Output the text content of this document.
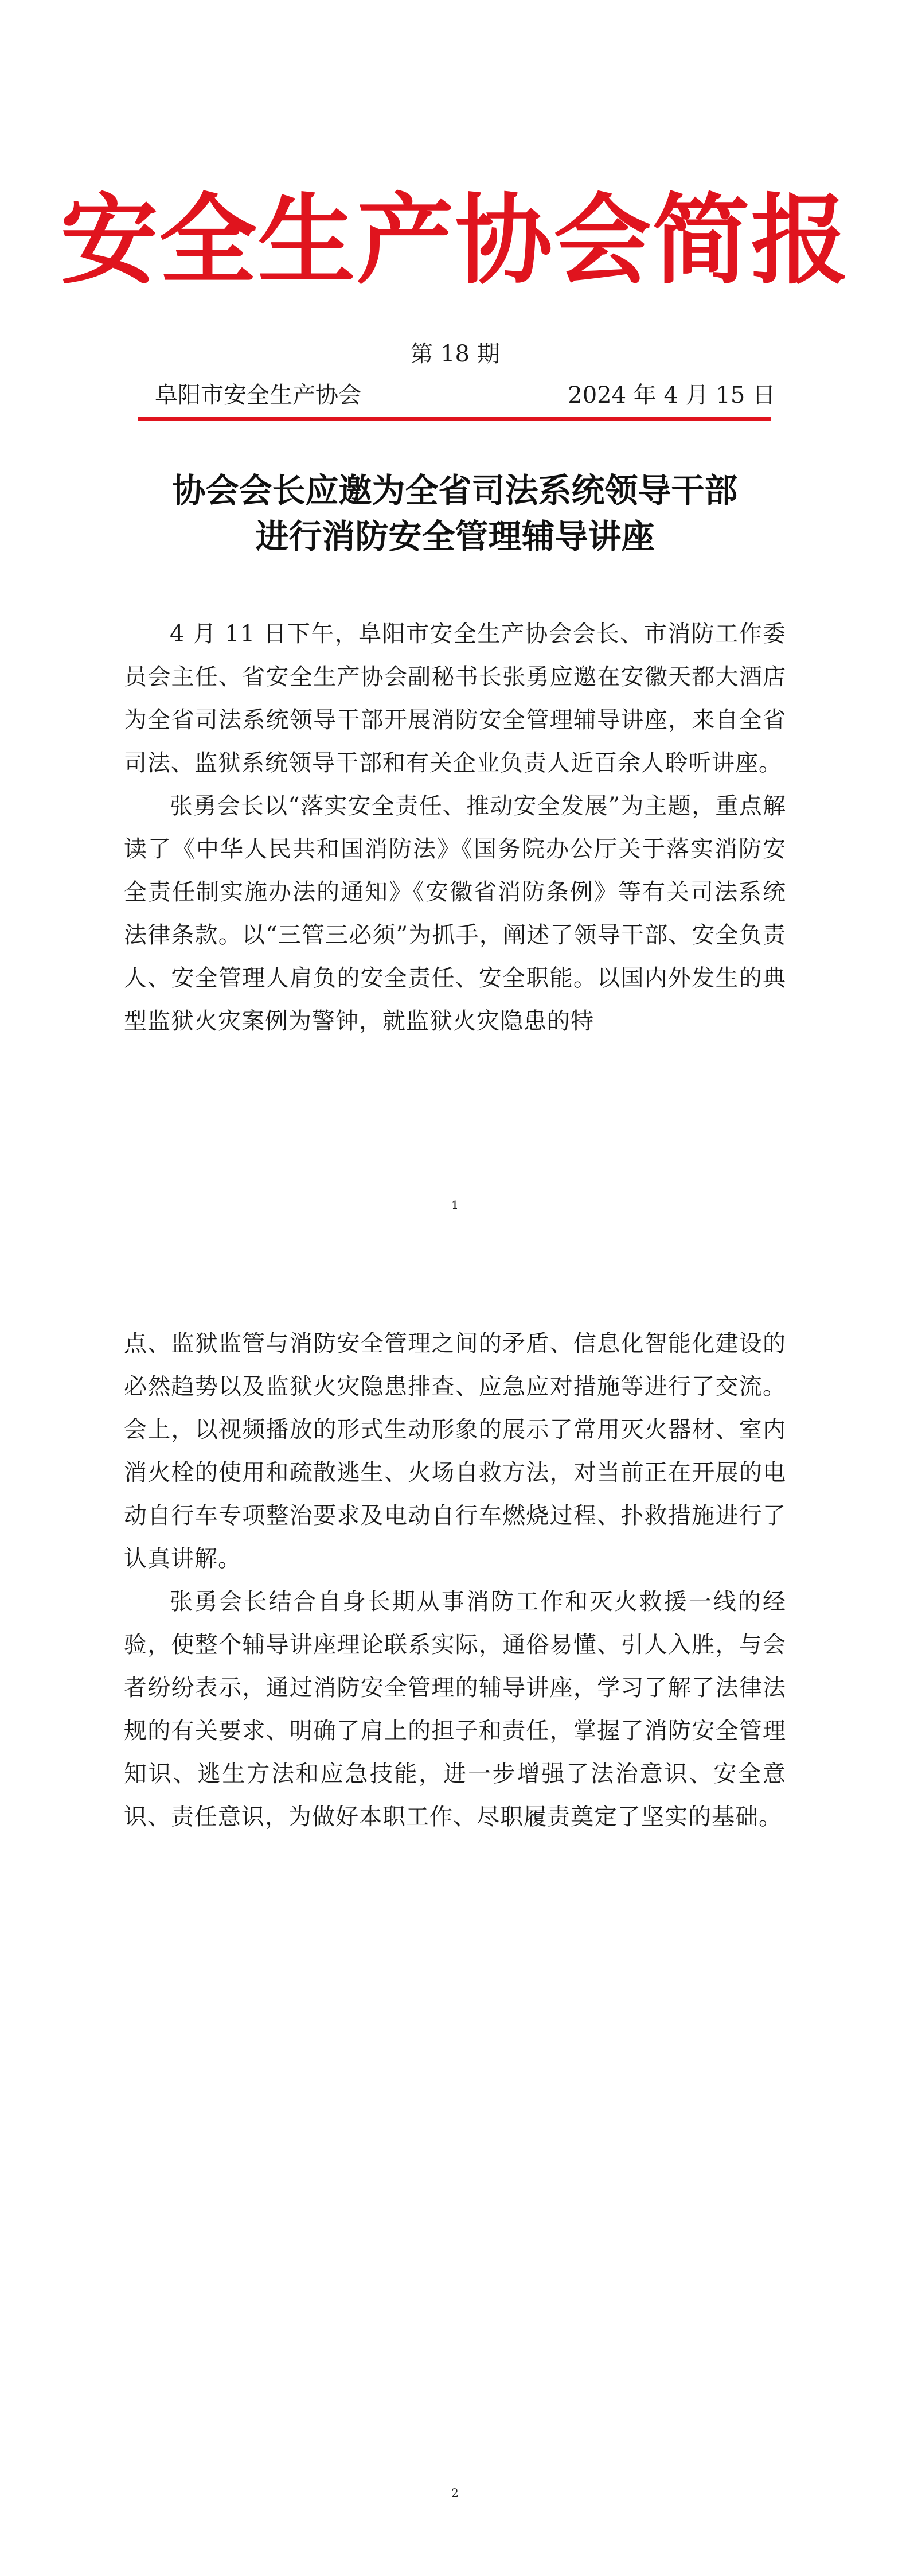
安全生产协会简报
第 18 期
阜阳市安全生产协会	2024 年 4 月 15 日
协会会长应邀为全省司法系统领导干部
进行消防安全管理辅导讲座

4 月 11 日下午，阜阳市安全生产协会会长、市消防工作委员会主任、省安全生产协会副秘书长张勇应邀在安徽天都大酒店为全省司法系统领导干部开展消防安全管理辅导讲座，来自全省司法、监狱系统领导干部和有关企业负责人近百余人聆听讲座。

张勇会长以“落实安全责任、推动安全发展”为主题，重点解读了《中华人民共和国消防法》《国务院办公厅关于落实消防安全责任制实施办法的通知》《安徽省消防条例》等有关司法系统法律条款。以“三管三必须”为抓手，阐述了领导干部、安全负责人、安全管理人肩负的安全责任、安全职能。以国内外发生的典型监狱火灾案例为警钟，就监狱火灾隐患的特

1

点、监狱监管与消防安全管理之间的矛盾、信息化智能化建设的必然趋势以及监狱火灾隐患排查、应急应对措施等进行了交流。会上，以视频播放的形式生动形象的展示了常用灭火器材、室内消火栓的使用和疏散逃生、火场自救方法，对当前正在开展的电动自行车专项整治要求及电动自行车燃烧过程、扑救措施进行了认真讲解。

张勇会长结合自身长期从事消防工作和灭火救援一线的经验，使整个辅导讲座理论联系实际，通俗易懂、引人入胜，与会者纷纷表示，通过消防安全管理的辅导讲座，学习了解了法律法规的有关要求、明确了肩上的担子和责任，掌握了消防安全管理知识、逃生方法和应急技能，进一步增强了法治意识、安全意识、责任意识，为做好本职工作、尽职履责奠定了坚实的基础。

2
